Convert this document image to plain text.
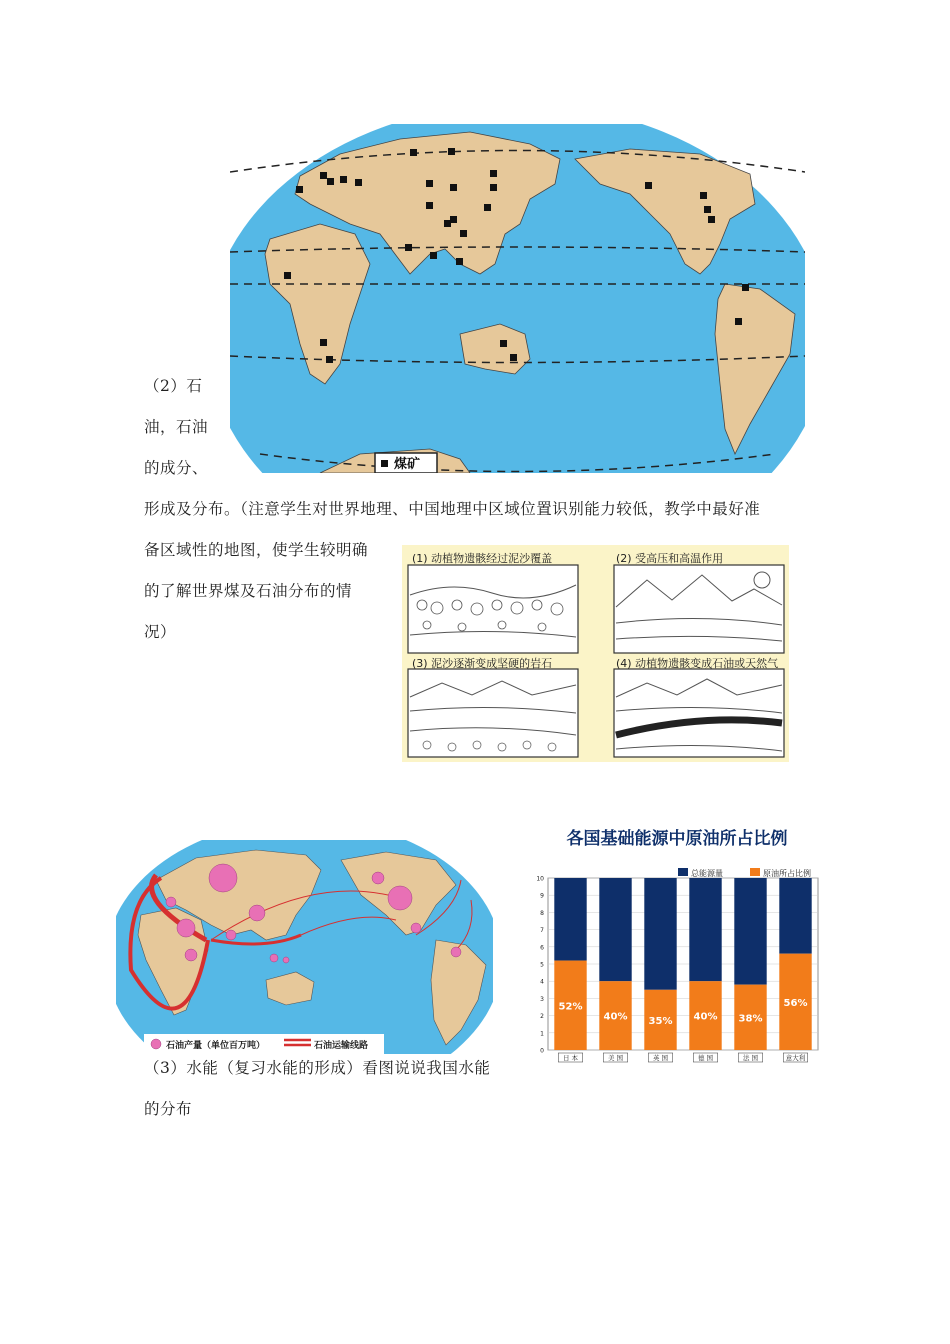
煤矿
（2）石
油，石油
的成分、
形成及分布。（注意学生对世界地理、中国地理中区域位置识别能力较低，教学中最好准
备区域性的地图，使学生较明确
的了解世界煤及石油分布的情
况）
(1) 动植物遗骸经过泥沙覆盖	(2) 受高压和高温作用
(3) 泥沙逐渐变成坚硬的岩石	(4) 动植物遗骸变成石油或天然气
石油产量（单位百万吨）	石油运输线路
各国基础能源中原油所占比例
总能源量	原油所占比例
0
1
2
3
4
5
6
7
8
9
10
52%
日 本
40%
美 国
35%
英 国
40%
德 国
38%
法 国
56%
意大利
（3）水能（复习水能的形成）看图说说我国水能
的分布
